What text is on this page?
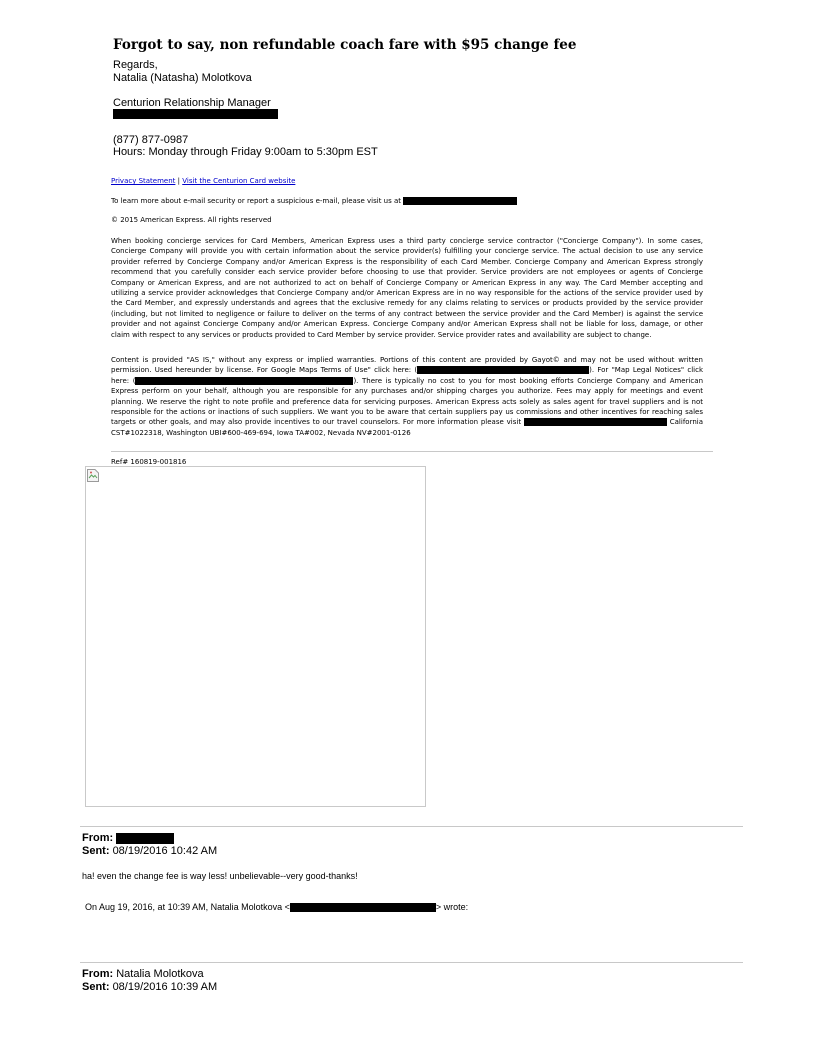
Forgot to say, non refundable coach fare with $95 change fee
Regards,
Natalia (Natasha) Molotkova
Centurion Relationship Manager
(877) 877-0987
Hours: Monday through Friday 9:00am to 5:30pm EST
Privacy Statement | Visit the Centurion Card website
To learn more about e-mail security or report a suspicious e-mail, please visit us at
© 2015 American Express. All rights reserved
When booking concierge services for Card Members, American Express uses a third party concierge service contractor ("Concierge Company"). In some cases, Concierge Company will provide you with certain information about the service provider(s) fulfilling your concierge service. The actual decision to use any service provider referred by Concierge Company and/or American Express is the responsibility of each Card Member. Concierge Company and American Express strongly recommend that you carefully consider each service provider before choosing to use that provider. Service providers are not employees or agents of Concierge Company or American Express, and are not authorized to act on behalf of Concierge Company or American Express in any way. The Card Member accepting and utilizing a service provider acknowledges that Concierge Company and/or American Express are in no way responsible for the actions of the service provider used by the Card Member, and expressly understands and agrees that the exclusive remedy for any claims relating to services or products provided by the service provider (including, but not limited to negligence or failure to deliver on the terms of any contract between the service provider and the Card Member) is against the service provider and not against Concierge Company and/or American Express. Concierge Company and/or American Express shall not be liable for loss, damage, or other claim with respect to any services or products provided to Card Member by service provider. Service provider rates and availability are subject to change.
Content is provided "AS IS," without any express or implied warranties. Portions of this content are provided by Gayot© and may not be used without written permission. Used hereunder by license. For Google Maps Terms of Use" click here: (	). For "Map Legal Notices" click here: (	). There is typically no cost to you for most booking efforts Concierge Company and American Express perform on your behalf, although you are responsible for any purchases and/or shipping charges you authorize. Fees may apply for meetings and event planning. We reserve the right to note profile and preference data for servicing purposes. American Express acts solely as sales agent for travel suppliers and is not responsible for the actions or inactions of such suppliers. We want you to be aware that certain suppliers pay us commissions and other incentives for reaching sales targets or other goals, and may also provide incentives to our travel counselors. For more information please visit	California CST#1022318, Washington UBI#600-469-694, Iowa TA#002, Nevada NV#2001-0126
Ref# 160819-001816
From:
Sent: 08/19/2016 10:42 AM
ha! even the change fee is way less! unbelievable--very good-thanks!
On Aug 19, 2016, at 10:39 AM, Natalia Molotkova <	> wrote:
From: Natalia Molotkova
Sent: 08/19/2016 10:39 AM
